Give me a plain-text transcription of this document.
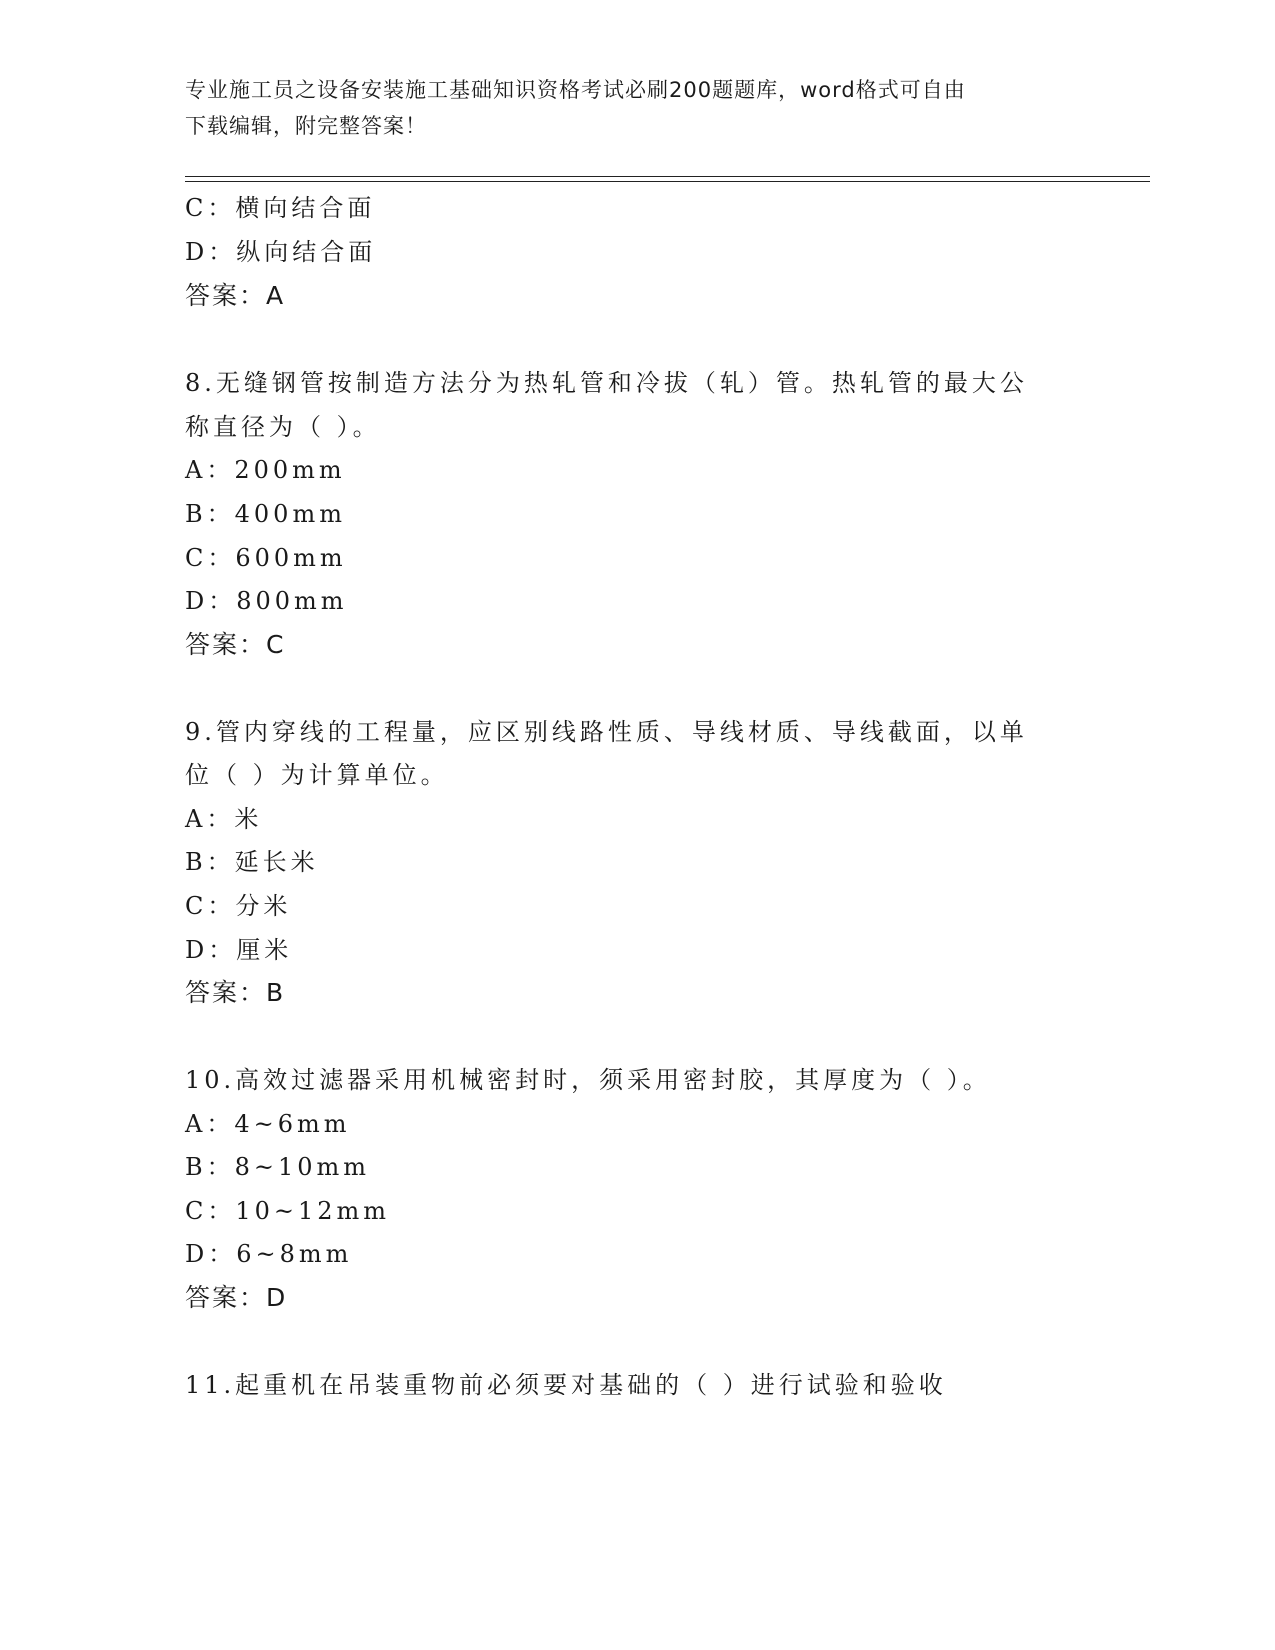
专业施工员之设备安装施工基础知识资格考试必刷200题题库，word格式可自由
下载编辑，附完整答案！
C：横向结合面
D：纵向结合面
答案：A
8.无缝钢管按制造方法分为热轧管和冷拔（轧）管。热轧管的最大公
称直径为（ ）。
A：200mm
B：400mm
C：600mm
D：800mm
答案：C
9.管内穿线的工程量，应区别线路性质、导线材质、导线截面，以单
位（ ）为计算单位。
A：米
B：延长米
C：分米
D：厘米
答案：B
10.高效过滤器采用机械密封时，须采用密封胶，其厚度为（ ）。
A：4~6mm
B：8~10mm
C：10~12mm
D：6~8mm
答案：D
11.起重机在吊装重物前必须要对基础的（ ）进行试验和验收
